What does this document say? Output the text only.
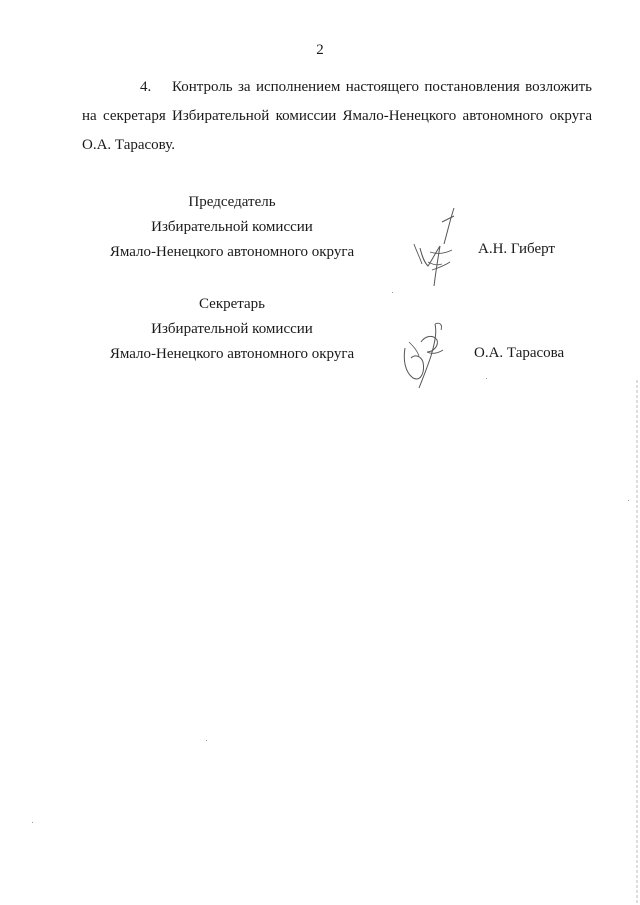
2
4. Контроль за исполнением настоящего постановления возложить
на секретаря Избирательной комиссии Ямало-Ненецкого автономного округа
О.А. Тарасову.
Председатель
Избирательной комиссии
Ямало-Ненецкого автономного округа	А.Н. Гиберт
Секретарь
Избирательной комиссии
Ямало-Ненецкого автономного округа	О.А. Тарасова
